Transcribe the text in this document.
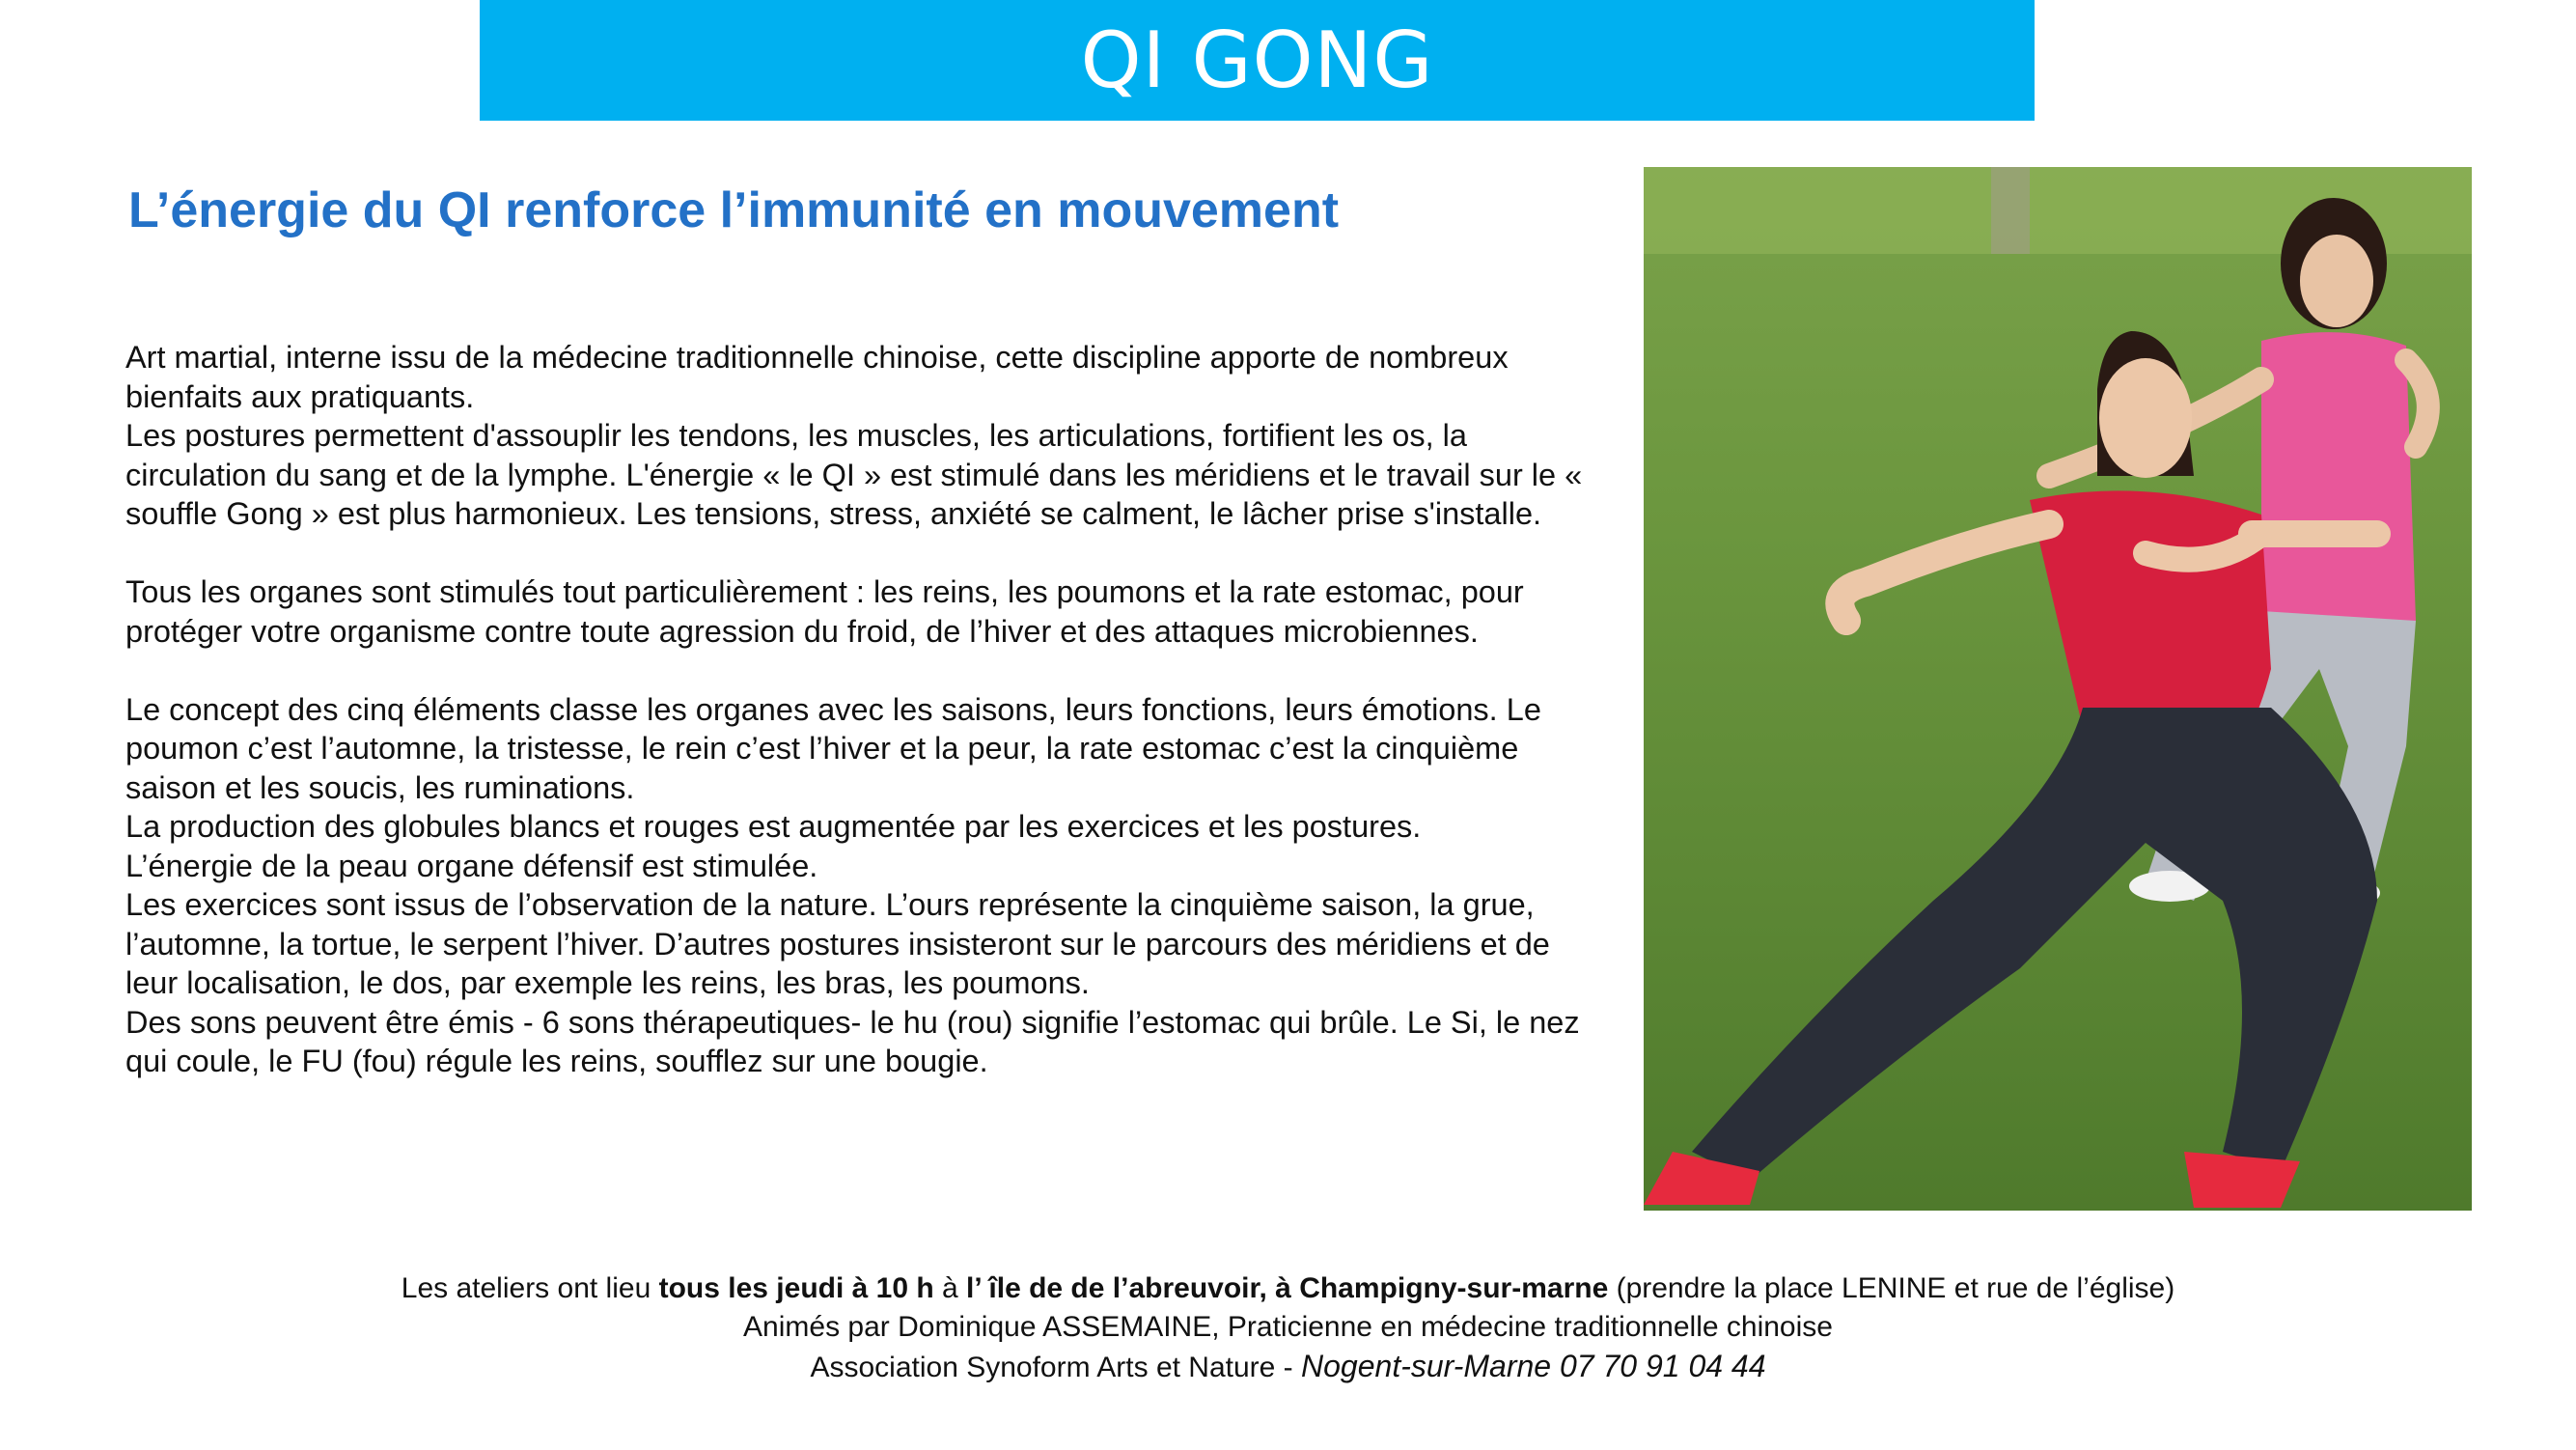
QI GONG
L’énergie du QI renforce l’immunité en mouvement

Art martial, interne issu de la médecine traditionnelle chinoise, cette discipline apporte de nombreux bienfaits aux pratiquants.

Les postures permettent d'assouplir les tendons, les muscles, les articulations, fortifient les os, la circulation du sang et de la lymphe. L'énergie « le QI » est stimulé dans les méridiens et le travail sur le « souffle Gong » est plus harmonieux. Les tensions, stress, anxiété se calment, le lâcher prise s'installe.

Tous les organes sont stimulés tout particulièrement : les reins, les poumons et la rate estomac, pour protéger votre organisme contre toute agression du froid, de l’hiver et des attaques microbiennes.

Le concept des cinq éléments classe les organes avec les saisons, leurs fonctions, leurs émotions. Le poumon c’est l’automne, la tristesse, le rein c’est l’hiver et la peur, la rate estomac c’est la cinquième saison et les soucis, les ruminations.

La production des globules blancs et rouges est augmentée par les exercices et les postures.

L’énergie de la peau organe défensif est stimulée.

Les exercices sont issus de l’observation de la nature. L’ours représente la cinquième saison, la grue, l’automne, la tortue, le serpent l’hiver. D’autres postures insisteront sur le parcours des méridiens et de leur localisation, le dos, par exemple les reins, les bras, les poumons.

Des sons peuvent être émis - 6 sons thérapeutiques- le hu (rou) signifie l’estomac qui brûle. Le Si, le nez qui coule, le FU (fou) régule les reins, soufflez sur une bougie.

Les ateliers ont lieu tous les jeudi à 10 h à l’ île de de l’abreuvoir, à Champigny-sur-marne (prendre la place LENINE et rue de l’église)
Animés par Dominique ASSEMAINE, Praticienne en médecine traditionnelle chinoise
Association Synoform Arts et Nature - Nogent-sur-Marne 07 70 91 04 44
